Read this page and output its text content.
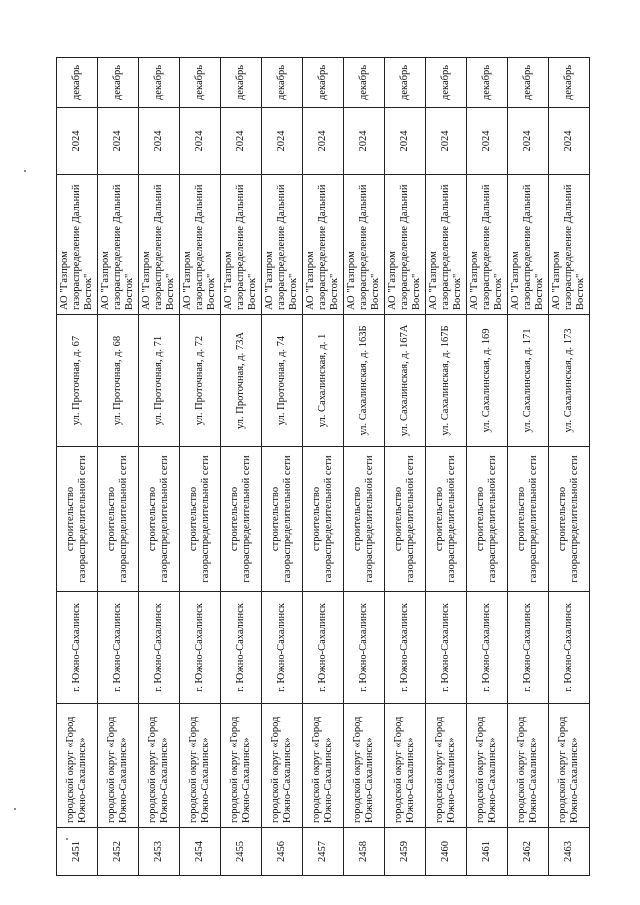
2451	городской округ «Город Южно-Сахалинск»	г. Южно-Сахалинск	строительство газораспределительной сети	ул. Проточная, д. 67	АО "Газпром газораспределение Дальний Восток"	2024	декабрь
2452	городской округ «Город Южно-Сахалинск»	г. Южно-Сахалинск	строительство газораспределительной сети	ул. Проточная, д. 68	АО "Газпром газораспределение Дальний Восток"	2024	декабрь
2453	городской округ «Город Южно-Сахалинск»	г. Южно-Сахалинск	строительство газораспределительной сети	ул. Проточная, д. 71	АО "Газпром газораспределение Дальний Восток"	2024	декабрь
2454	городской округ «Город Южно-Сахалинск»	г. Южно-Сахалинск	строительство газораспределительной сети	ул. Проточная, д. 72	АО "Газпром газораспределение Дальний Восток"	2024	декабрь
2455	городской округ «Город Южно-Сахалинск»	г. Южно-Сахалинск	строительство газораспределительной сети	ул. Проточная, д. 73А	АО "Газпром газораспределение Дальний Восток"	2024	декабрь
2456	городской округ «Город Южно-Сахалинск»	г. Южно-Сахалинск	строительство газораспределительной сети	ул. Проточная, д. 74	АО "Газпром газораспределение Дальний Восток"	2024	декабрь
2457	городской округ «Город Южно-Сахалинск»	г. Южно-Сахалинск	строительство газораспределительной сети	ул. Сахалинская, д. 1	АО "Газпром газораспределение Дальний Восток"	2024	декабрь
2458	городской округ «Город Южно-Сахалинск»	г. Южно-Сахалинск	строительство газораспределительной сети	ул. Сахалинская, д. 163Б	АО "Газпром газораспределение Дальний Восток"	2024	декабрь
2459	городской округ «Город Южно-Сахалинск»	г. Южно-Сахалинск	строительство газораспределительной сети	ул. Сахалинская, д. 167А	АО "Газпром газораспределение Дальний Восток"	2024	декабрь
2460	городской округ «Город Южно-Сахалинск»	г. Южно-Сахалинск	строительство газораспределительной сети	ул. Сахалинская, д. 167Б	АО "Газпром газораспределение Дальний Восток"	2024	декабрь
2461	городской округ «Город Южно-Сахалинск»	г. Южно-Сахалинск	строительство газораспределительной сети	ул. Сахалинская, д. 169	АО "Газпром газораспределение Дальний Восток"	2024	декабрь
2462	городской округ «Город Южно-Сахалинск»	г. Южно-Сахалинск	строительство газораспределительной сети	ул. Сахалинская, д. 171	АО "Газпром газораспределение Дальний Восток"	2024	декабрь
2463	городской округ «Город Южно-Сахалинск»	г. Южно-Сахалинск	строительство газораспределительной сети	ул. Сахалинская, д. 173	АО "Газпром газораспределение Дальний Восток"	2024	декабрь
